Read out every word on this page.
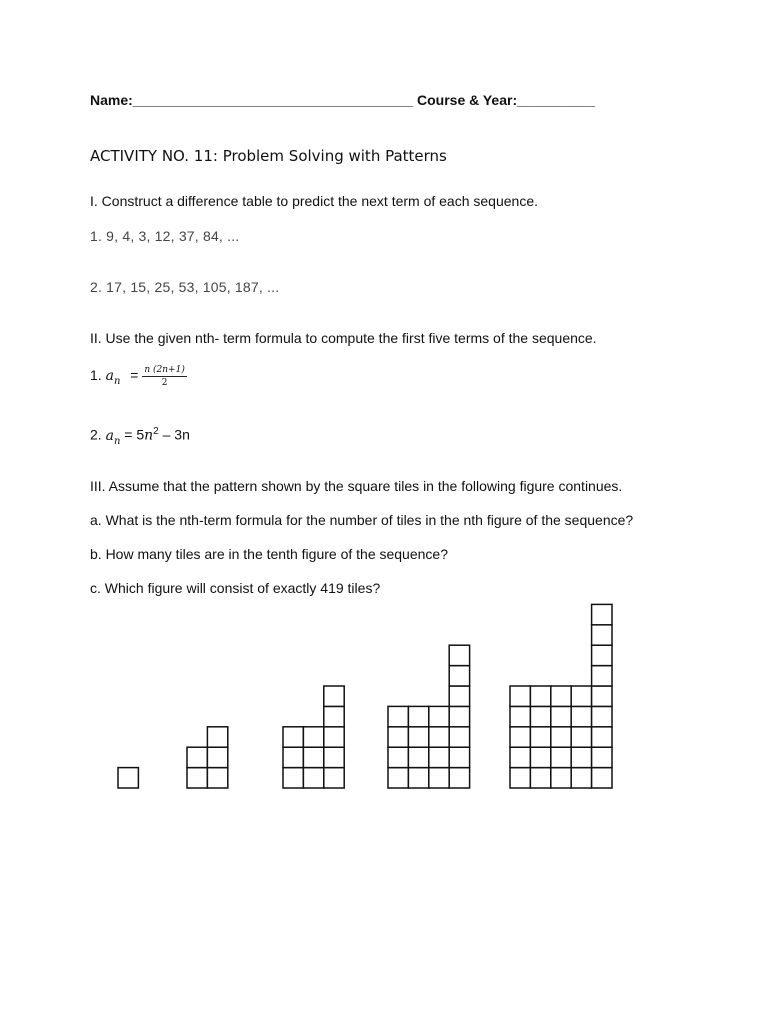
Name:____________________________________ Course & Year:__________
ACTIVITY NO. 11: Problem Solving with Patterns
I. Construct a difference table to predict the next term of each sequence.
1. 9, 4, 3, 12, 37, 84, ...
2. 17, 15, 25, 53, 105, 187, ...
II. Use the given nth- term formula to compute the first five terms of the sequence.
1. $a_n = \frac{n (2n+1)}{2}$
2. $a_n = 5n^2 - 3n$
III. Assume that the pattern shown by the square tiles in the following figure continues.
a. What is the nth-term formula for the number of tiles in the nth figure of the sequence?
b. How many tiles are in the tenth figure of the sequence?
c. Which figure will consist of exactly 419 tiles?
